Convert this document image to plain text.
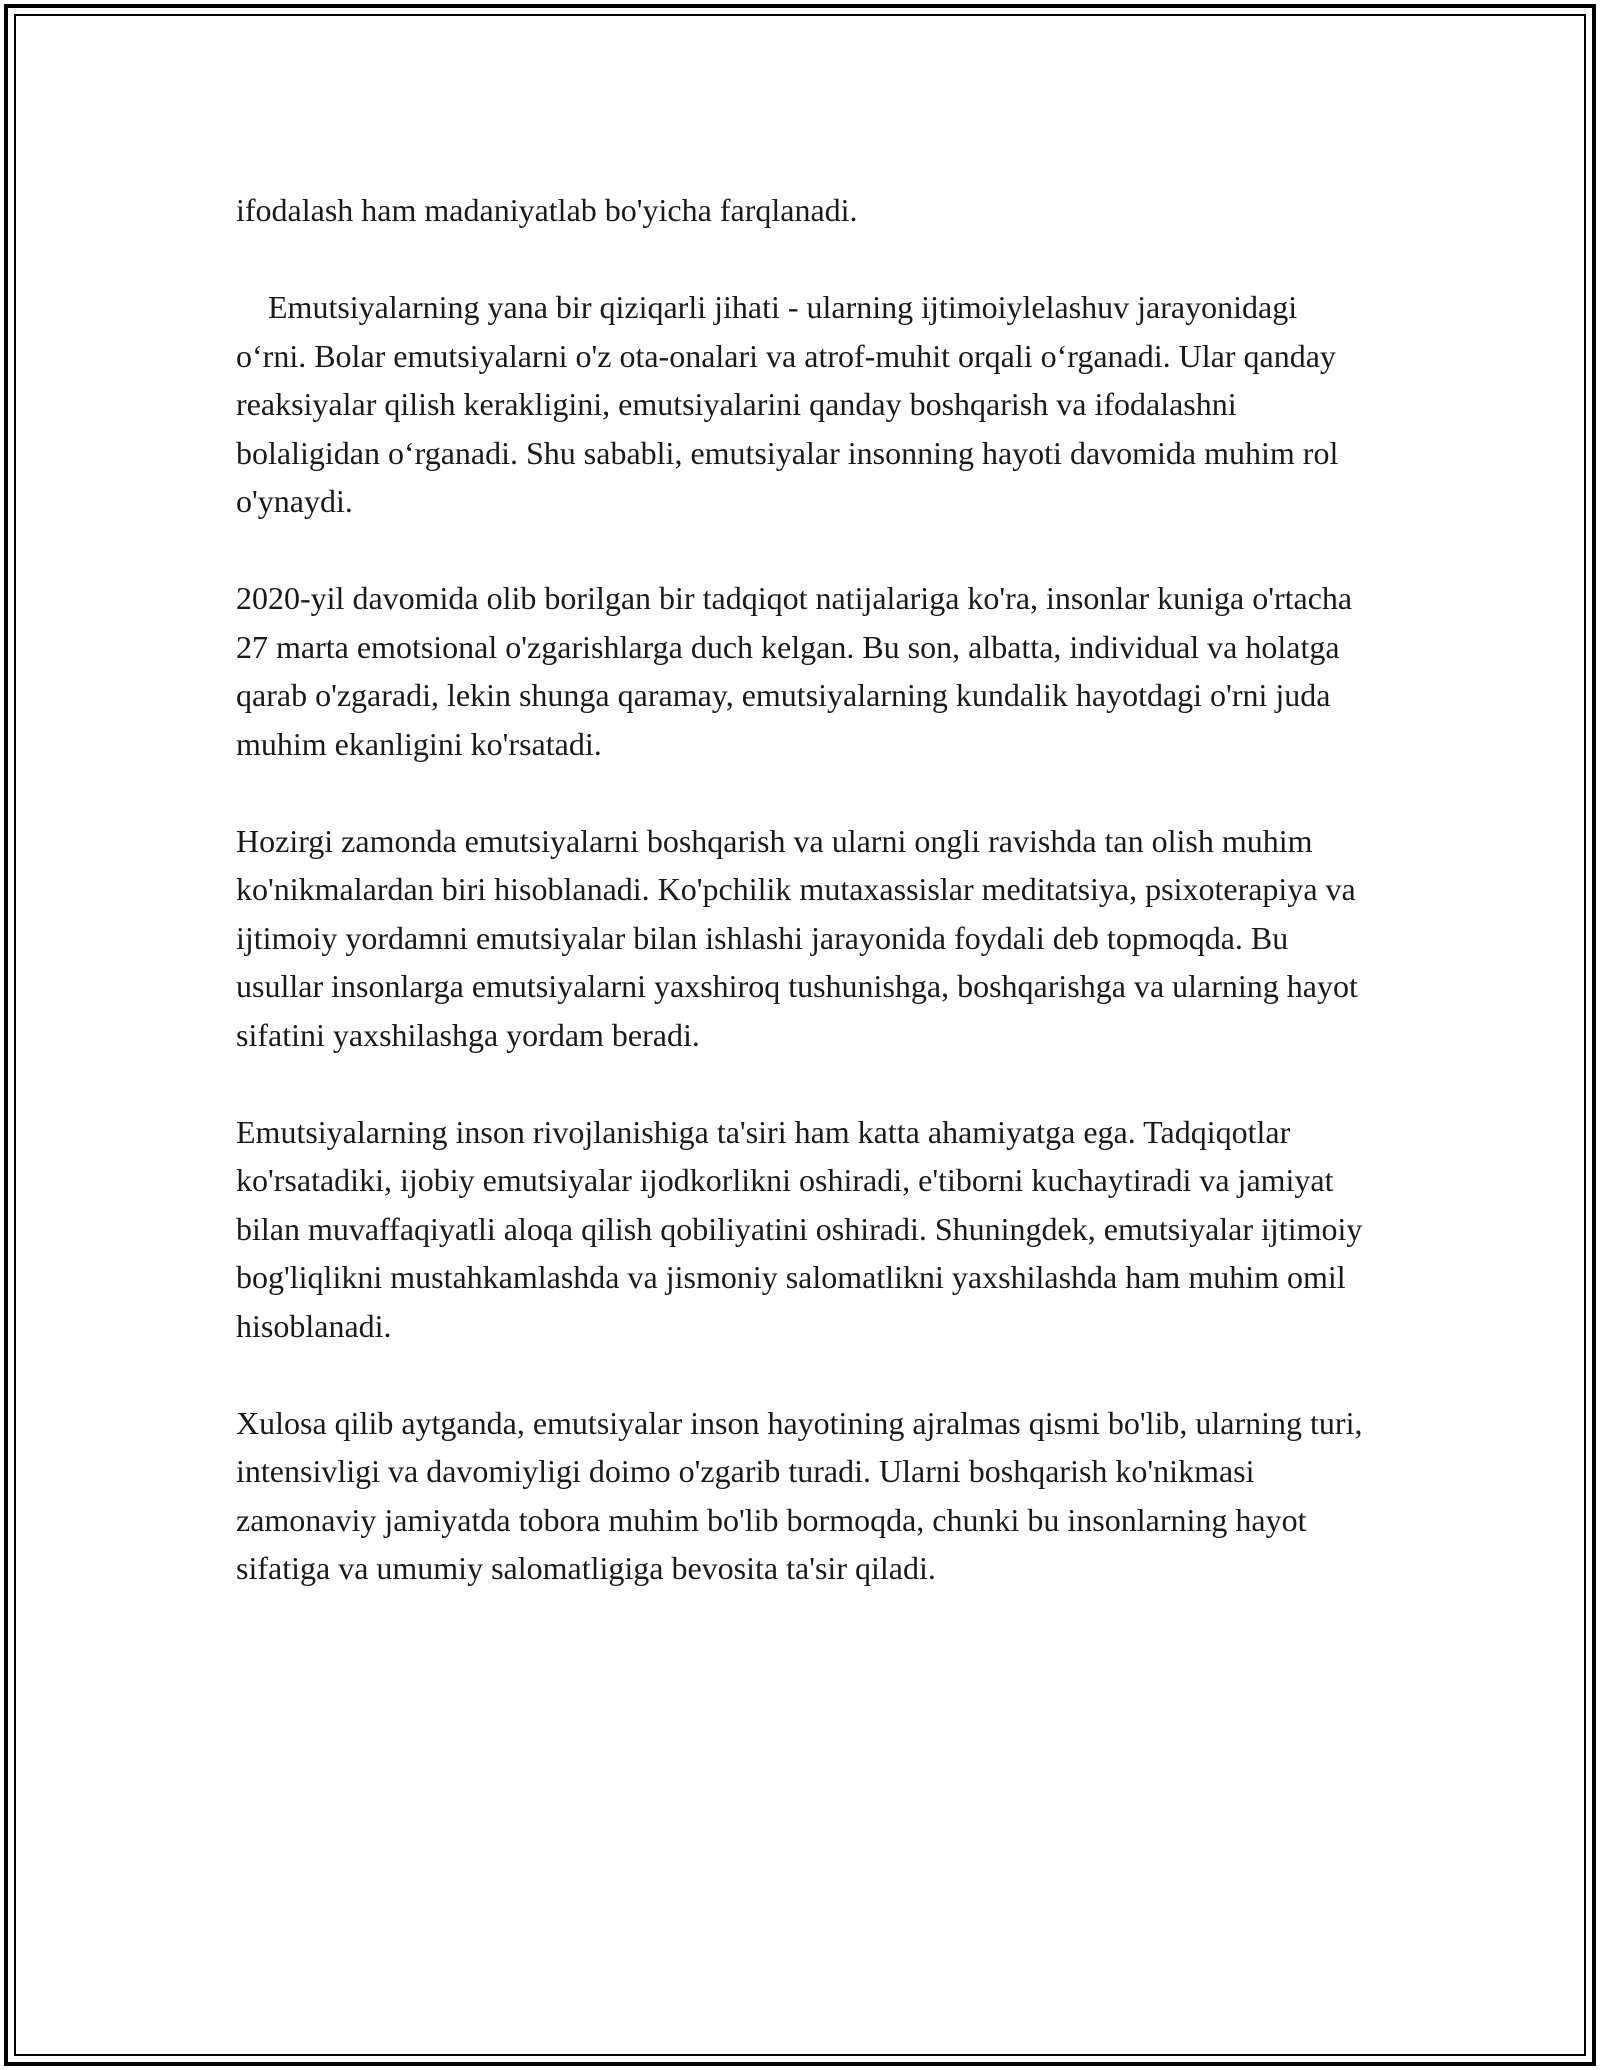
ifodalash ham madaniyatlab bo'yicha farqlanadi.

Emutsiyalarning yana bir qiziqarli jihati - ularning ijtimoiylelashuv jarayonidagi o‘rni. Bolar emutsiyalarni o'z ota-onalari va atrof-muhit orqali o‘rganadi. Ular qanday reaksiyalar qilish kerakligini, emutsiyalarini qanday boshqarish va ifodalashni bolaligidan o‘rganadi. Shu sababli, emutsiyalar insonning hayoti davomida muhim rol o'ynaydi.

2020-yil davomida olib borilgan bir tadqiqot natijalariga ko'ra, insonlar kuniga o'rtacha 27 marta emotsional o'zgarishlarga duch kelgan. Bu son, albatta, individual va holatga qarab o'zgaradi, lekin shunga qaramay, emutsiyalarning kundalik hayotdagi o'rni juda muhim ekanligini ko'rsatadi.

Hozirgi zamonda emutsiyalarni boshqarish va ularni ongli ravishda tan olish muhim ko'nikmalardan biri hisoblanadi. Ko'pchilik mutaxassislar meditatsiya, psixoterapiya va ijtimoiy yordamni emutsiyalar bilan ishlashi jarayonida foydali deb topmoqda. Bu usullar insonlarga emutsiyalarni yaxshiroq tushunishga, boshqarishga va ularning hayot sifatini yaxshilashga yordam beradi.

Emutsiyalarning inson rivojlanishiga ta'siri ham katta ahamiyatga ega. Tadqiqotlar ko'rsatadiki, ijobiy emutsiyalar ijodkorlikni oshiradi, e'tiborni kuchaytiradi va jamiyat bilan muvaffaqiyatli aloqa qilish qobiliyatini oshiradi. Shuningdek, emutsiyalar ijtimoiy bog'liqlikni mustahkamlashda va jismoniy salomatlikni yaxshilashda ham muhim omil hisoblanadi.

Xulosa qilib aytganda, emutsiyalar inson hayotining ajralmas qismi bo'lib, ularning turi, intensivligi va davomiyligi doimo o'zgarib turadi. Ularni boshqarish ko'nikmasi zamonaviy jamiyatda tobora muhim bo'lib bormoqda, chunki bu insonlarning hayot sifatiga va umumiy salomatligiga bevosita ta'sir qiladi.
